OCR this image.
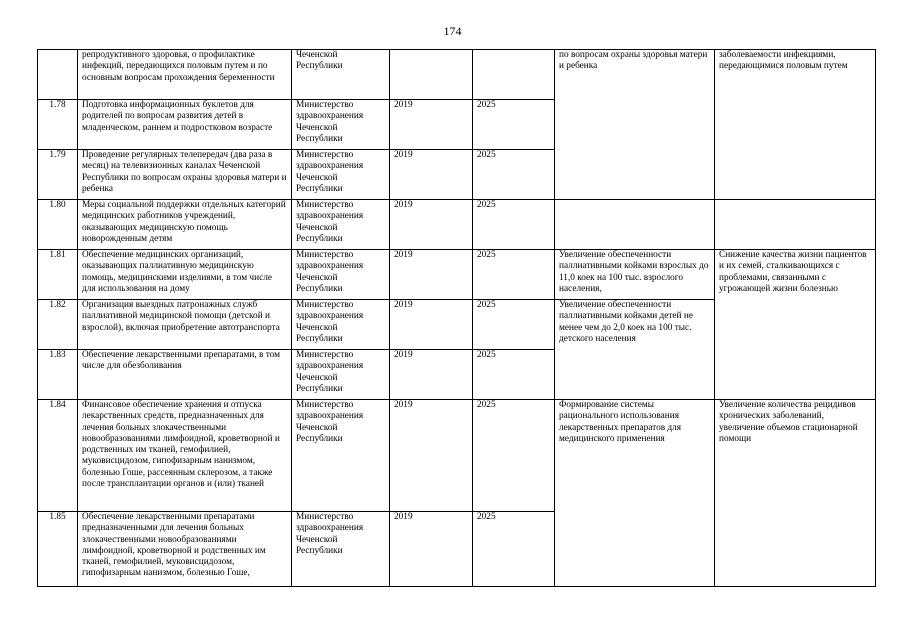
174
	репродуктивного здоровья, о профилактике инфекций, передающихся половым путем и по основным вопросам прохождения беременности	Чеченской Республики			по вопросам охраны здоровья матери и ребенка	заболеваемости инфекциями, передающимися половым путем
1.78	Подготовка информационных буклетов для родителей по вопросам развития детей в младенческом, раннем и подростковом возрасте	Министерство здравоохранения Чеченской Республики	2019	2025		
1.79	Проведение регулярных телепередач (два раза в месяц) на телевизионных каналах Чеченской Республики по вопросам охраны здоровья матери и ребенка	Министерство здравоохранения Чеченской Республики	2019	2025		
1.80	Меры социальной поддержки отдельных категорий медицинских работников учреждений, оказывающих медицинскую помощь новорожденным детям	Министерство здравоохранения Чеченской Республики	2019	2025		
1.81	Обеспечение медицинских организаций, оказывающих паллиативную медицинскую помощь, медицинскими изделиями, в том числе для использования на дому	Министерство здравоохранения Чеченской Республики	2019	2025	Увеличение обеспеченности паллиативными койками взрослых до 11,0 коек на 100 тыс. взрослого населения,	Снижение качества жизни пациентов и их семей, сталкивающихся с проблемами, связанными с угрожающей жизни болезнью
1.82	Организация выездных патронажных служб паллиативной медицинской помощи (детской и взрослой), включая приобретение автотранспорта	Министерство здравоохранения Чеченской Республики	2019	2025	Увеличение обеспеченности паллиативными койками детей не менее чем до 2,0 коек на 100 тыс. детского населения	
1.83	Обеспечение лекарственными препаратами, в том числе для обезболивания	Министерство здравоохранения Чеченской Республики	2019	2025		
1.84	Финансовое обеспечение хранения и отпуска лекарственных средств, предназначенных для лечения больных злокачественными новообразованиями лимфоидной, кроветворной и родственных им тканей, гемофилией, муковисцидозом, гипофизарным нанизмом, болезнью Гоше, рассеянным склерозом, а также после трансплантации органов и (или) тканей	Министерство здравоохранения Чеченской Республики	2019	2025	Формирование системы рационального использования лекарственных препаратов для медицинского применения	Увеличение количества рецидивов хронических заболеваний, увеличение объемов стационарной помощи
1.85	Обеспечение лекарственными препаратами предназначенными для лечения больных злокачественными новообразованиями лимфоидной, кроветворной и родственных им тканей, гемофилией, муковисцидозом, гипофизарным нанизмом, болезнью Гоше,	Министерство здравоохранения Чеченской Республики	2019	2025		
